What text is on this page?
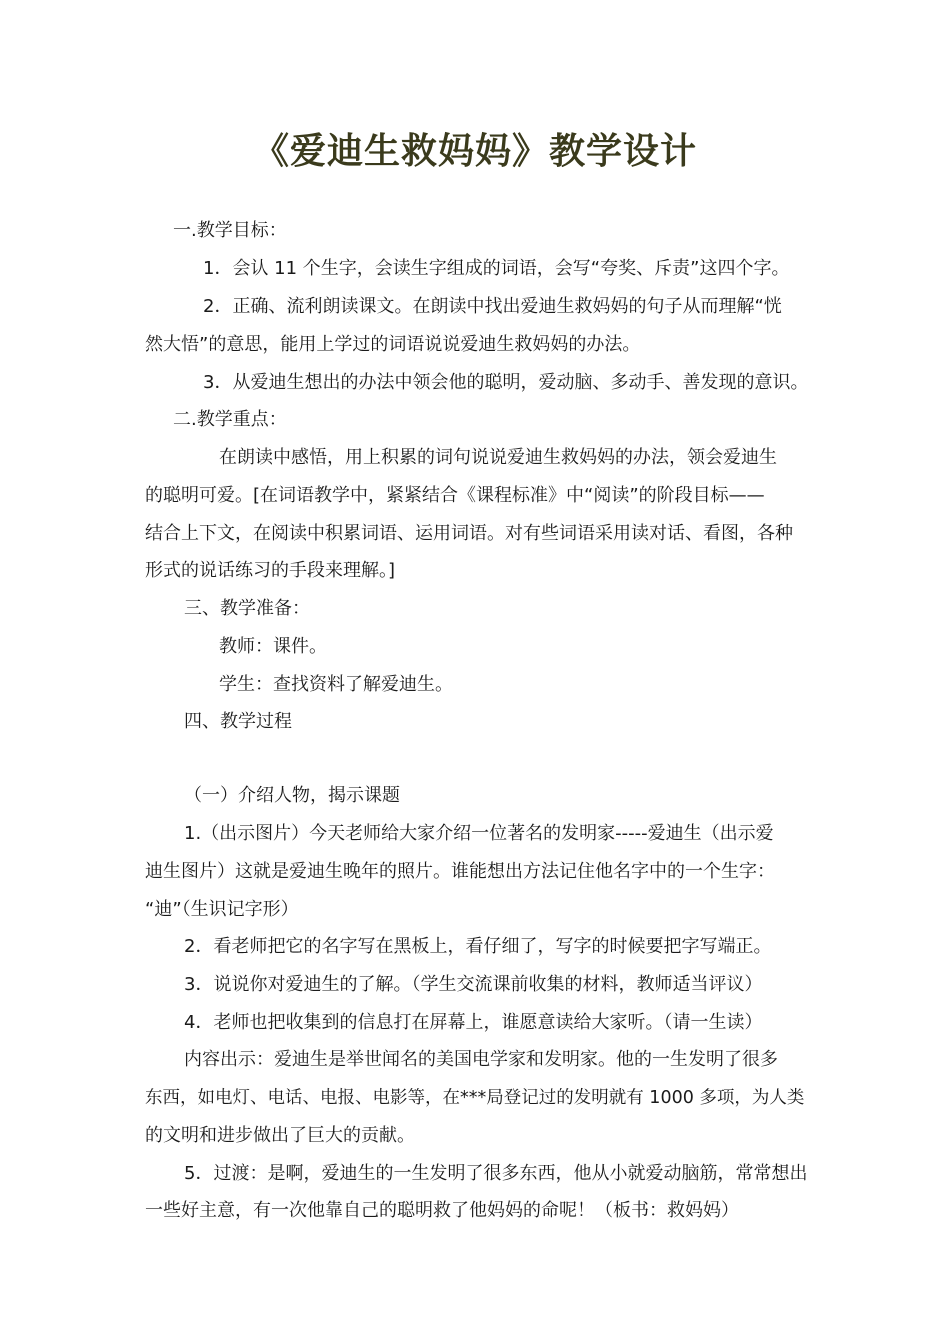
《爱迪生救妈妈》教学设计
一.教学目标：
1．会认 11 个生字，会读生字组成的词语，会写“夸奖、斥责”这四个字。
2．正确、流利朗读课文。在朗读中找出爱迪生救妈妈的句子从而理解“恍
然大悟”的意思，能用上学过的词语说说爱迪生救妈妈的办法。
3．从爱迪生想出的办法中领会他的聪明，爱动脑、多动手、善发现的意识。
二.教学重点：
在朗读中感悟，用上积累的词句说说爱迪生救妈妈的办法，领会爱迪生
的聪明可爱。[在词语教学中，紧紧结合《课程标准》中“阅读”的阶段目标——
结合上下文，在阅读中积累词语、运用词语。对有些词语采用读对话、看图，各种
形式的说话练习的手段来理解。]
三、教学准备：
教师：课件。
学生：查找资料了解爱迪生。
四、教学过程
（一）介绍人物，揭示课题
1.（出示图片）今天老师给大家介绍一位著名的发明家-----爱迪生（出示爱
迪生图片）这就是爱迪生晚年的照片。谁能想出方法记住他名字中的一个生字：
“迪”（生识记字形）
2．看老师把它的名字写在黑板上，看仔细了，写字的时候要把字写端正。
3．说说你对爱迪生的了解。（学生交流课前收集的材料，教师适当评议）
4．老师也把收集到的信息打在屏幕上，谁愿意读给大家听。（请一生读）
内容出示：爱迪生是举世闻名的美国电学家和发明家。他的一生发明了很多
东西，如电灯、电话、电报、电影等，在***局登记过的发明就有 1000 多项，为人类
的文明和进步做出了巨大的贡献。
5．过渡：是啊，爱迪生的一生发明了很多东西，他从小就爱动脑筋，常常想出
一些好主意，有一次他靠自己的聪明救了他妈妈的命呢！（板书：救妈妈）
